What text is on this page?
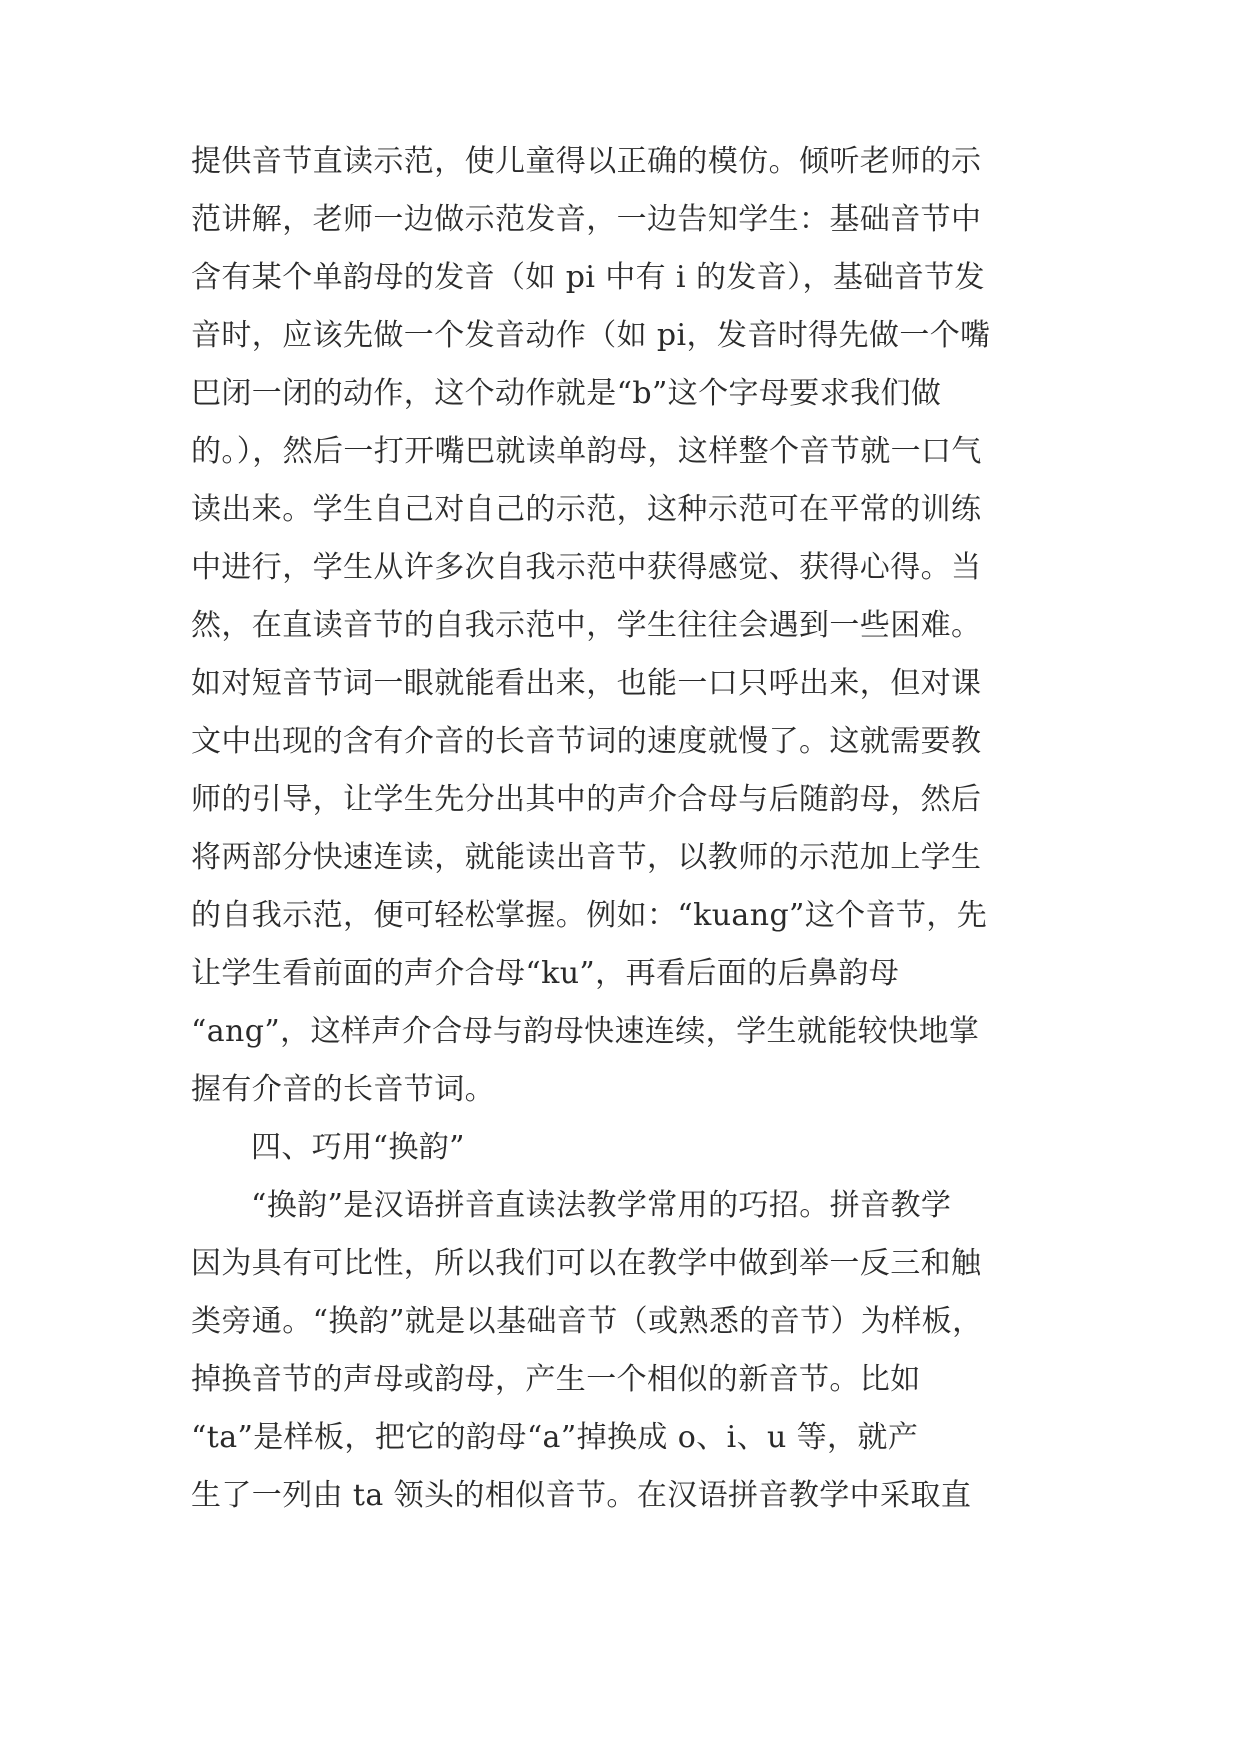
提供音节直读示范，使儿童得以正确的模仿。倾听老师的示
范讲解，老师一边做示范发音，一边告知学生：基础音节中
含有某个单韵母的发音（如 pi 中有 i 的发音），基础音节发
音时，应该先做一个发音动作（如 pi，发音时得先做一个嘴
巴闭一闭的动作，这个动作就是“b”这个字母要求我们做
的。），然后一打开嘴巴就读单韵母，这样整个音节就一口气
读出来。学生自己对自己的示范，这种示范可在平常的训练
中进行，学生从许多次自我示范中获得感觉、获得心得。当
然，在直读音节的自我示范中，学生往往会遇到一些困难。
如对短音节词一眼就能看出来，也能一口只呼出来，但对课
文中出现的含有介音的长音节词的速度就慢了。这就需要教
师的引导，让学生先分出其中的声介合母与后随韵母，然后
将两部分快速连读，就能读出音节，以教师的示范加上学生
的自我示范，便可轻松掌握。例如：“kuang”这个音节，先
让学生看前面的声介合母“ku”，再看后面的后鼻韵母
“ang”，这样声介合母与韵母快速连续，学生就能较快地掌
握有介音的长音节词。
四、巧用“换韵”
“换韵”是汉语拼音直读法教学常用的巧招。拼音教学
因为具有可比性，所以我们可以在教学中做到举一反三和触
类旁通。“换韵”就是以基础音节（或熟悉的音节）为样板，
掉换音节的声母或韵母，产生一个相似的新音节。比如
“ta”是样板，把它的韵母“a”掉换成 o、i、u 等，就产
生了一列由 ta 领头的相似音节。在汉语拼音教学中采取直
